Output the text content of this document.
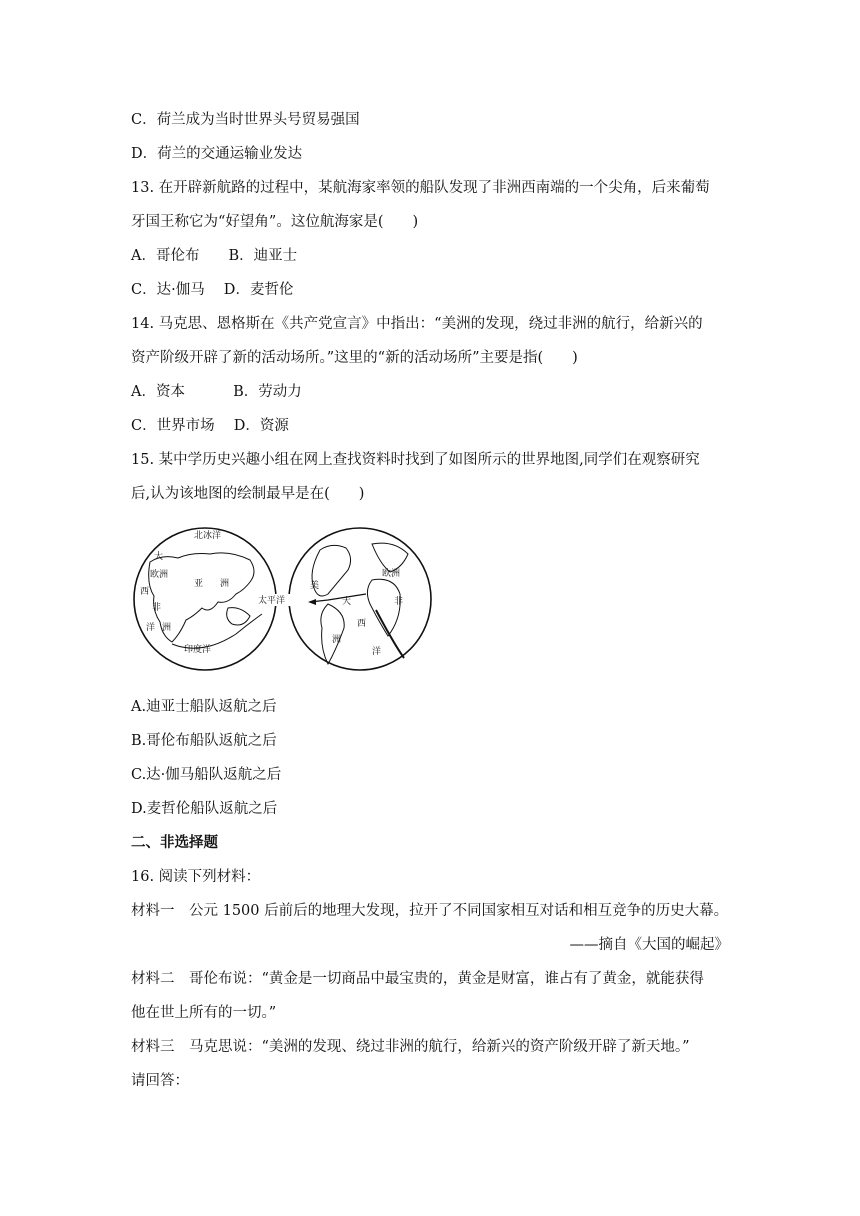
C．荷兰成为当时世界头号贸易强国
D．荷兰的交通运输业发达
13. 在开辟新航路的过程中，某航海家率领的船队发现了非洲西南端的一个尖角，后来葡萄
牙国王称它为“好望角”。这位航海家是(　　)
A．哥伦布　　B．迪亚士
C．达·伽马　 D．麦哲伦
14. 马克思、恩格斯在《共产党宣言》中指出：“美洲的发现，绕过非洲的航行，给新兴的
资产阶级开辟了新的活动场所。”这里的“新的活动场所”主要是指(　　)
A．资本　　　 B．劳动力
C．世界市场　 D．资源
15. 某中学历史兴趣小组在网上查找资料时找到了如图所示的世界地图,同学们在观察研究
后,认为该地图的绘制最早是在(　　)
北冰洋
大
欧洲
亚 洲
西
非
洋 洲
印度洋
欧洲
美
大	非
西
洲
洋
太平洋
A.迪亚士船队返航之后
B.哥伦布船队返航之后
C.达·伽马船队返航之后
D.麦哲伦船队返航之后
二、非选择题
16. 阅读下列材料：
材料一　公元 1500 后前后的地理大发现，拉开了不同国家相互对话和相互竞争的历史大幕。
——摘自《大国的崛起》
材料二　哥伦布说：“黄金是一切商品中最宝贵的，黄金是财富，谁占有了黄金，就能获得
他在世上所有的一切。”
材料三　马克思说：“美洲的发现、绕过非洲的航行，给新兴的资产阶级开辟了新天地。”
请回答：
